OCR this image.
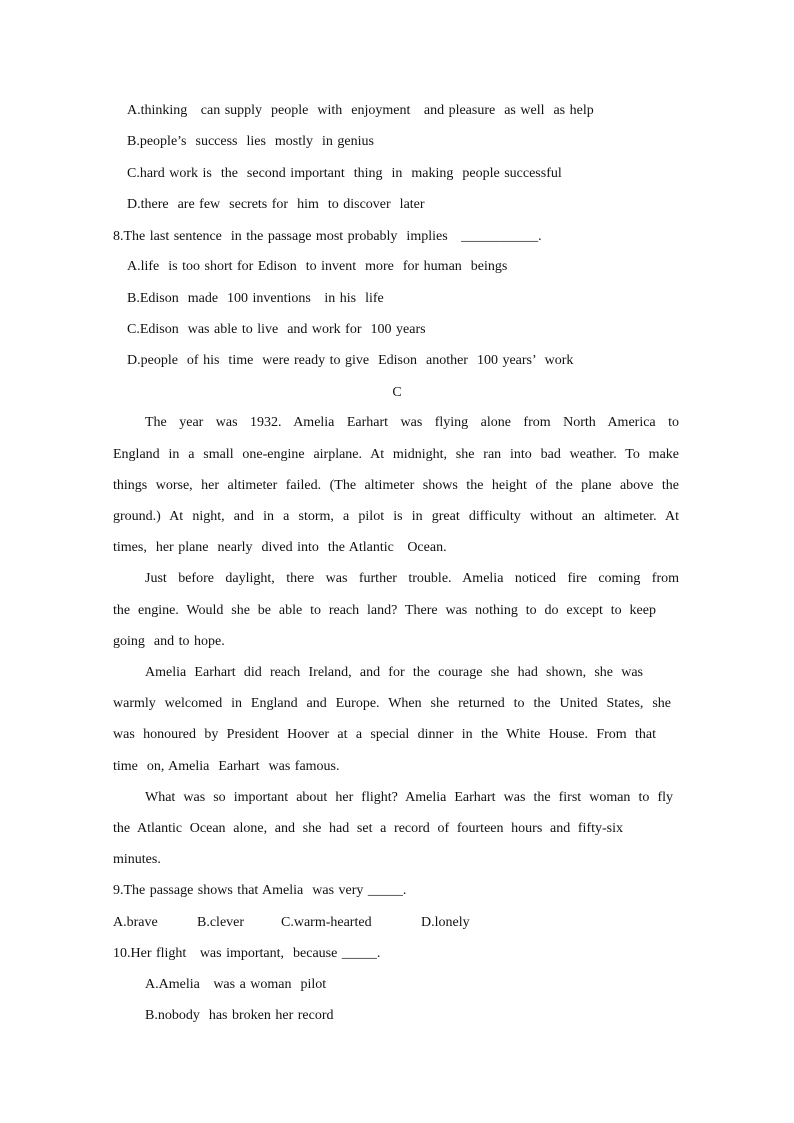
A.thinking   can supply  people  with  enjoyment   and pleasure  as well  as help
B.people’s  success  lies  mostly  in genius
C.hard work is  the  second important  thing  in  making  people successful
D.there  are few  secrets for  him  to discover  later
8.The last sentence  in the passage most probably  implies   ___________.
A.life  is too short for Edison  to invent  more  for human  beings
B.Edison  made  100 inventions   in his  life
C.Edison  was able to live  and work for  100 years
D.people  of his  time  were ready to give  Edison  another  100 years’  work
C
The year was 1932. Amelia Earhart was flying alone from North America to
England in a small one-engine airplane. At midnight, she ran into bad weather. To make
things worse, her altimeter failed. (The altimeter shows the height of the plane above the
ground.) At night, and in a storm, a pilot is in great difficulty without an altimeter. At
times,  her plane  nearly  dived into  the Atlantic   Ocean.
Just before daylight, there was further trouble. Amelia noticed fire coming from
the engine. Would she be able to reach land? There was nothing to do except to keep
going  and to hope.
Amelia Earhart did reach Ireland, and for the courage she had shown, she was
warmly welcomed in England and Europe. When she returned to the United States, she
was honoured by President Hoover at a special dinner in the White House. From that
time  on, Amelia  Earhart  was famous.
What was so important about her flight? Amelia Earhart was the first woman to fly
the Atlantic Ocean alone, and she had set a record of fourteen hours and fifty-six
minutes.
9.The passage shows that Amelia  was very _____.
A.brave	B.clever	C.warm-hearted	D.lonely
10.Her flight   was important,  because _____.
A.Amelia   was a woman  pilot
B.nobody  has broken her record
